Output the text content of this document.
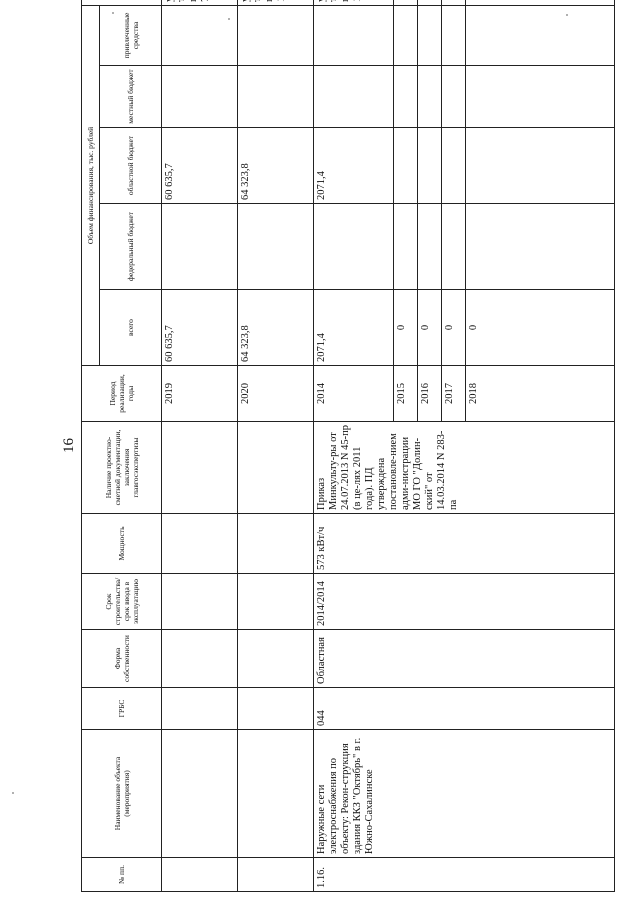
16
№ пп.	Наименование объекта (мероприятия)	ГРБС	Форма собственности	Срок строительства/срок ввода в эксплуатацию	Мощность	Наличие проектно-сметной документации, заключения главгосэкспертизы	Период реализации, годы	Объем финансирования, тыс. рублей	
								всего	федеральный бюджет	областной бюджет	местный бюджет	привлеченные средства	
							2019	60 635,7		60 635,7			
							2020	64 323,8		64 323,8			
1.16.	Наружные сети электроснабжения по объекту: Рекон-струкция здания ККЗ "Октябрь" в г. Южно-Сахалинске	044	Областная	2014/2014	573 кВт/ч	Приказ Минкульту-ры от 24.07.2013 N 45-пр (в це-лях 2011 года). ПД утверждена постановле-нием адми-нистрации МО ГО "Долин-ский" от 14.03.2014 N 283-па	2014	2071,4		2071,4			
							2015	0					
							2016	0					
							2017	0					
							2018	0					
